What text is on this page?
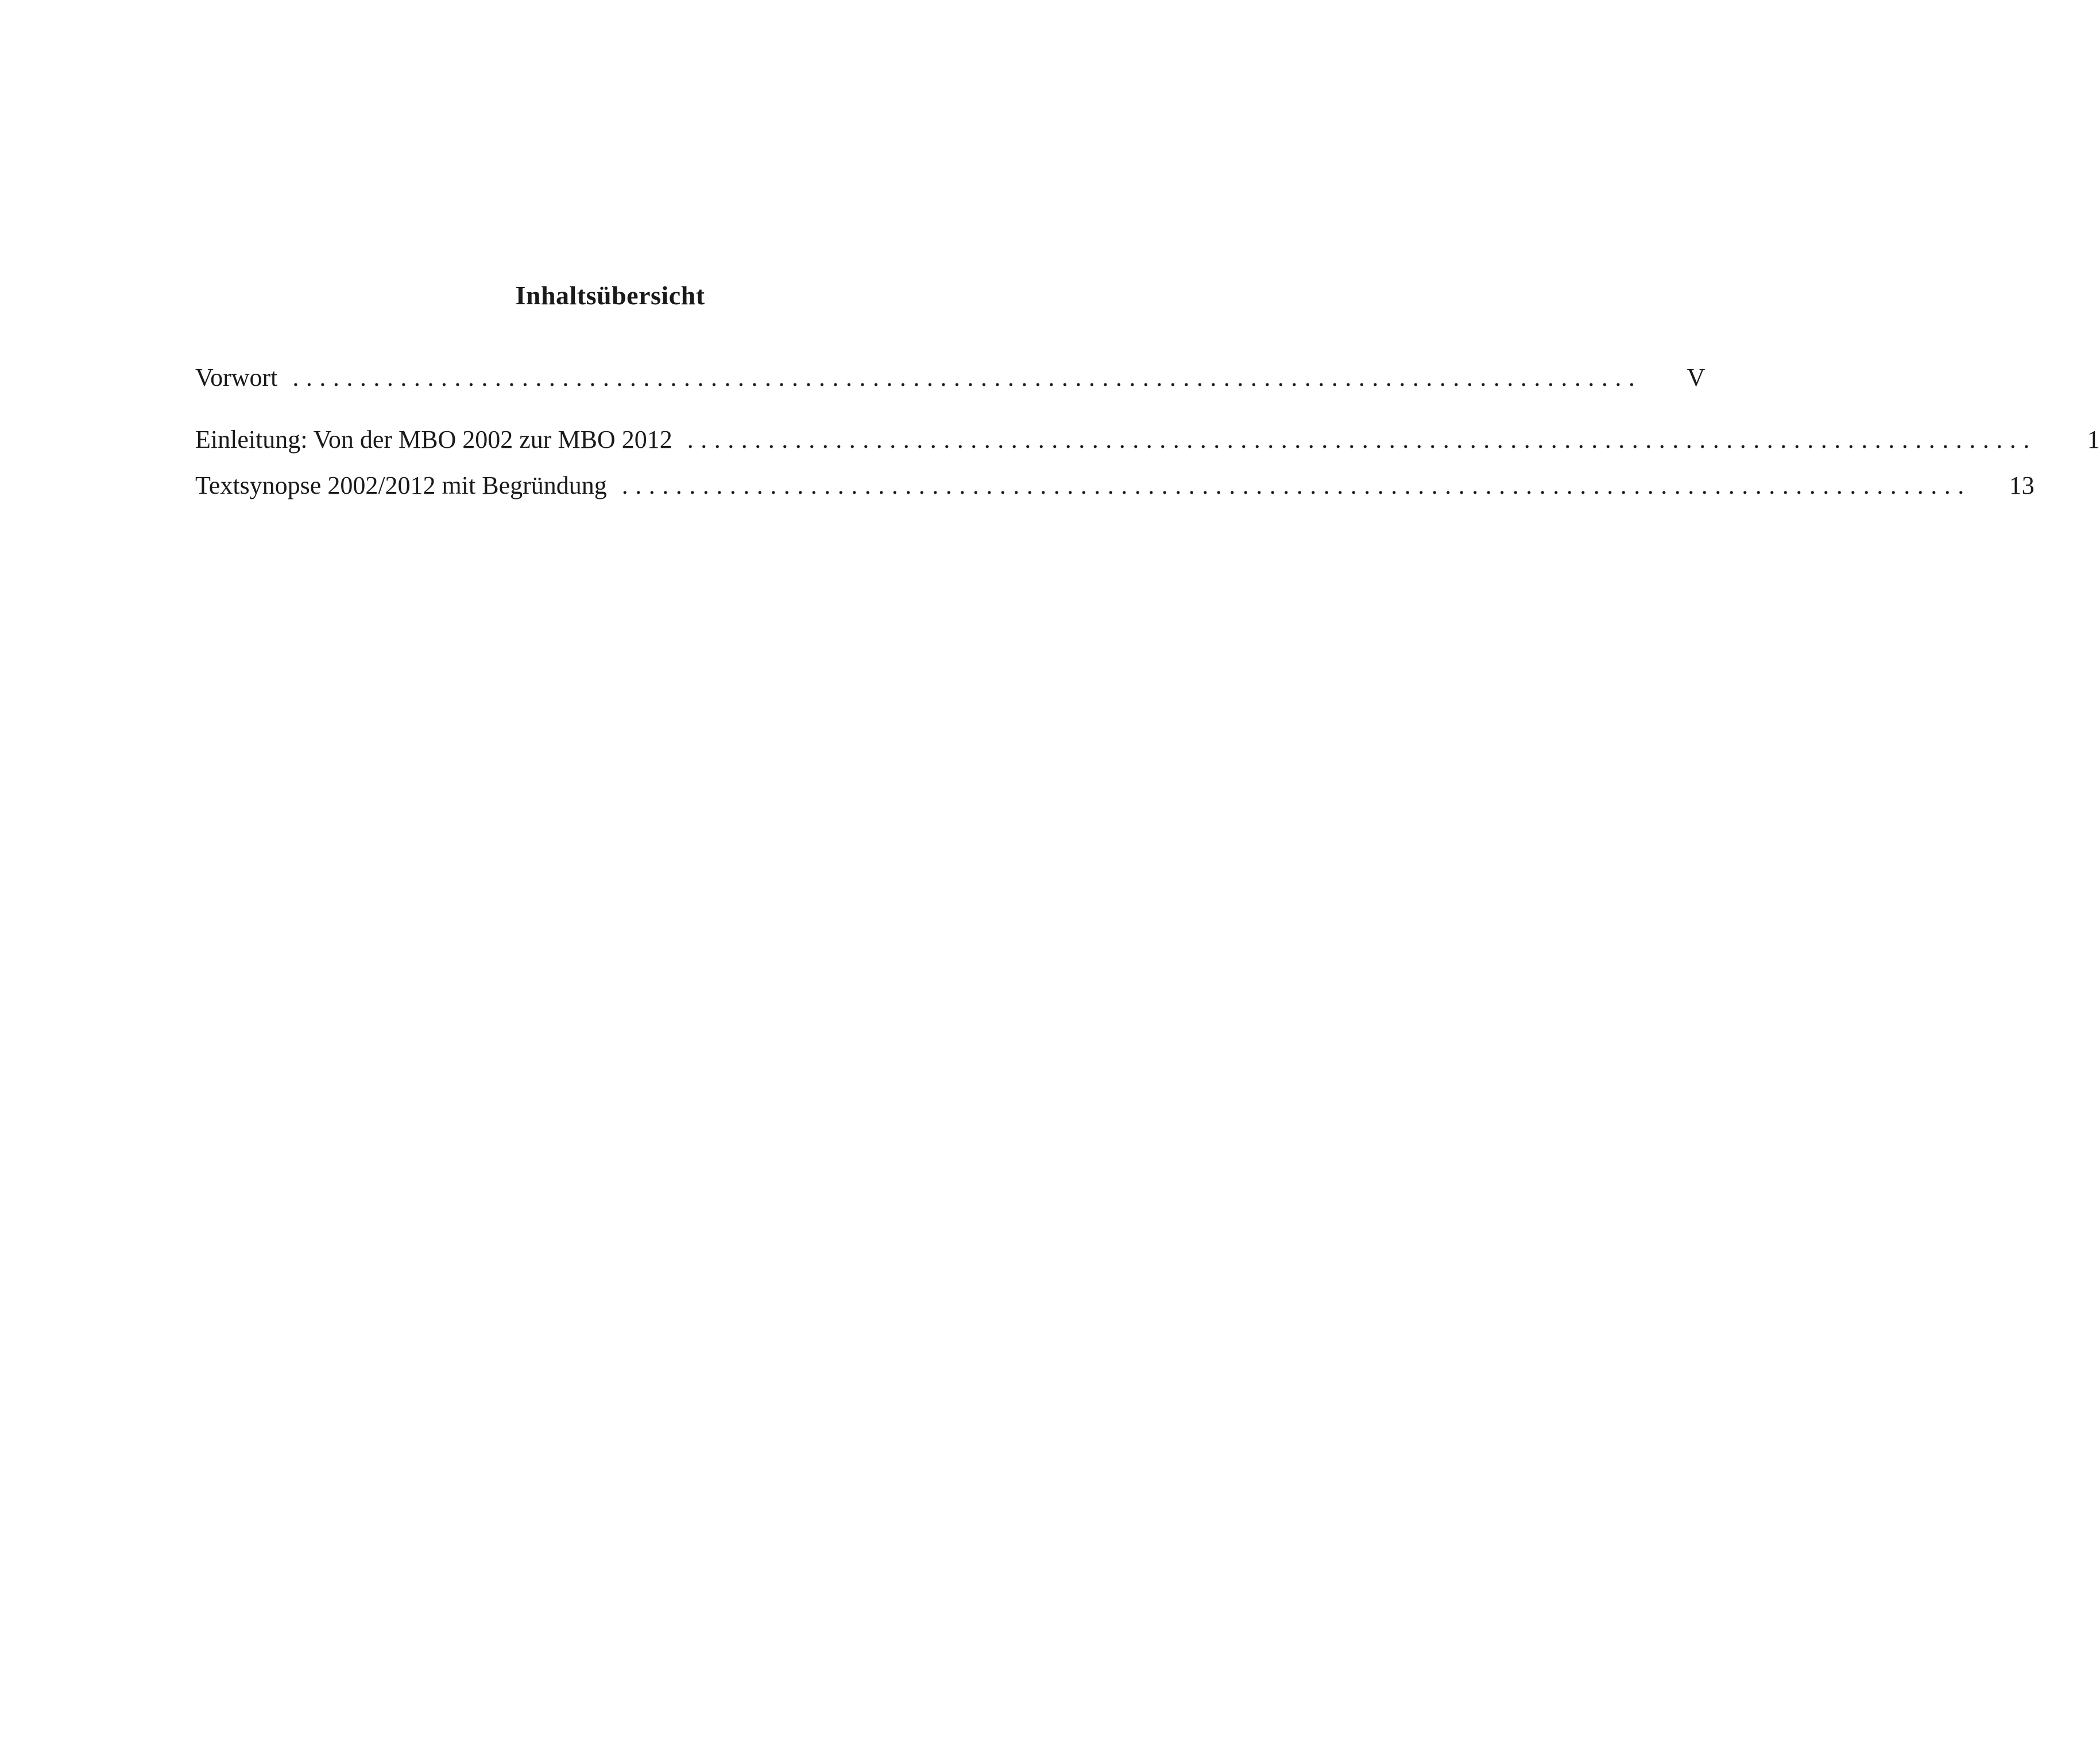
Inhaltsübersicht
Vorwort ....................................................................................................	V
Einleitung: Von der MBO 2002 zur MBO 2012 ....................................................................................................	1
Textsynopse 2002/2012 mit Begründung .................................................................................................... 13
